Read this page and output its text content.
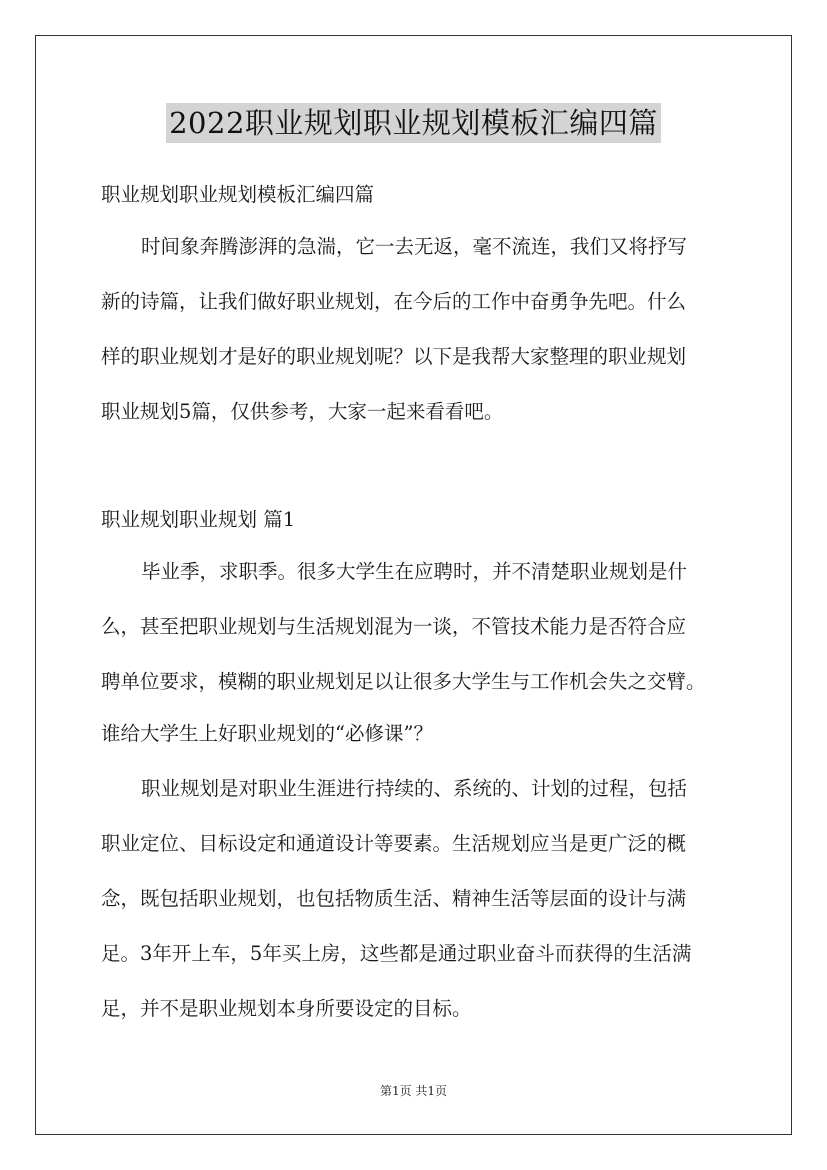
2022职业规划职业规划模板汇编四篇
职业规划职业规划模板汇编四篇
时间象奔腾澎湃的急湍，它一去无返，毫不流连，我们又将抒写
新的诗篇，让我们做好职业规划，在今后的工作中奋勇争先吧。什么
样的职业规划才是好的职业规划呢？以下是我帮大家整理的职业规划
职业规划5篇，仅供参考，大家一起来看看吧。
职业规划职业规划 篇1
毕业季，求职季。很多大学生在应聘时，并不清楚职业规划是什
么，甚至把职业规划与生活规划混为一谈，不管技术能力是否符合应
聘单位要求，模糊的职业规划足以让很多大学生与工作机会失之交臂。
谁给大学生上好职业规划的“必修课”？
职业规划是对职业生涯进行持续的、系统的、计划的过程，包括
职业定位、目标设定和通道设计等要素。生活规划应当是更广泛的概
念，既包括职业规划，也包括物质生活、精神生活等层面的设计与满
足。3年开上车，5年买上房，这些都是通过职业奋斗而获得的生活满
足，并不是职业规划本身所要设定的目标。
第1页 共1页
